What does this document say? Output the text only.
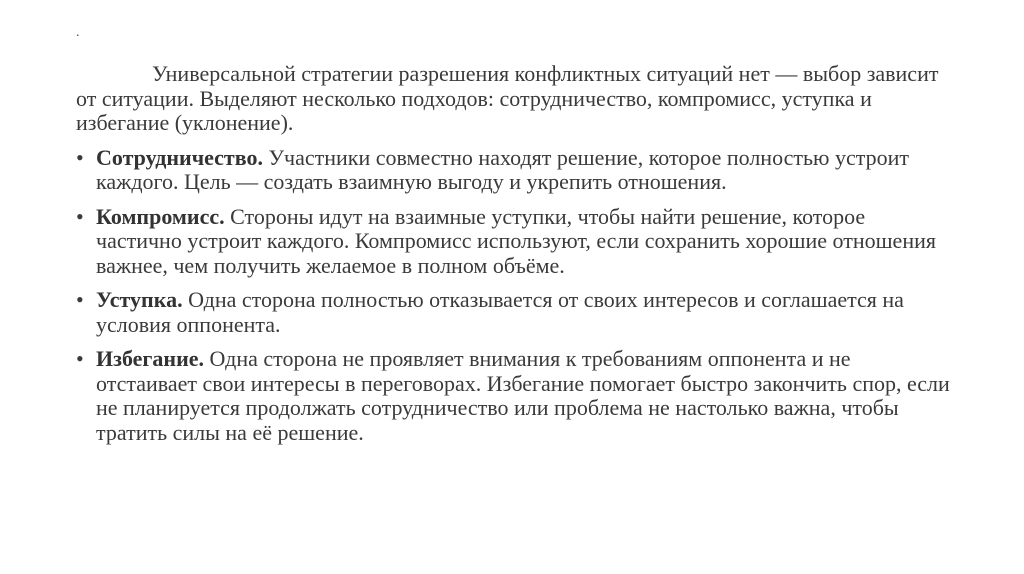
.

Универсальной стратегии разрешения конфликтных ситуаций нет — выбор зависит от ситуации. Выделяют несколько подходов: сотрудничество, компромисс, уступка и избегание (уклонение).

• Сотрудничество. Участники совместно находят решение, которое полностью устроит каждого. Цель — создать взаимную выгоду и укрепить отношения.
• Компромисс. Стороны идут на взаимные уступки, чтобы найти решение, которое частично устроит каждого. Компромисс используют, если сохранить хорошие отношения важнее, чем получить желаемое в полном объёме.
• Уступка. Одна сторона полностью отказывается от своих интересов и соглашается на условия оппонента.
• Избегание. Одна сторона не проявляет внимания к требованиям оппонента и не отстаивает свои интересы в переговорах. Избегание помогает быстро закончить спор, если не планируется продолжать сотрудничество или проблема не настолько важна, чтобы тратить силы на её решение.
